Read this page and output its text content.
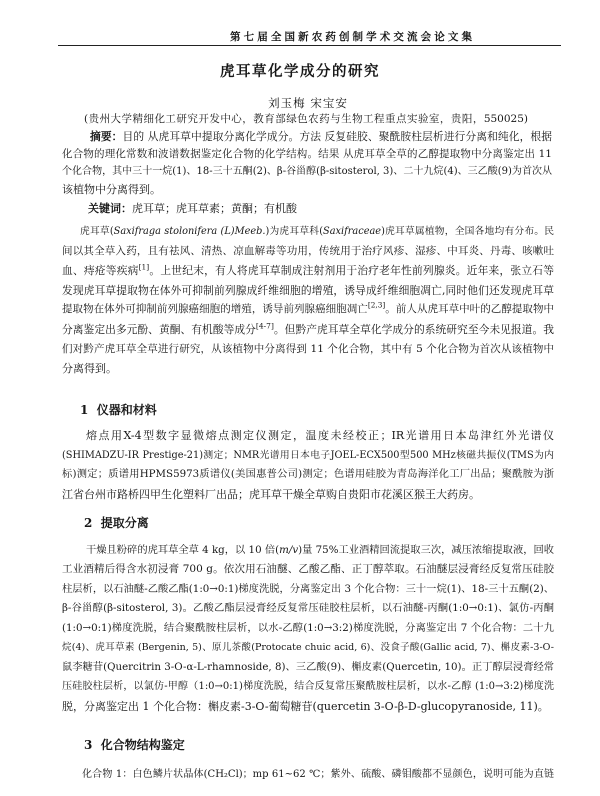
第七届全国新农药创制学术交流会论文集
虎耳草化学成分的研究
刘玉梅 宋宝安
(贵州大学精细化工研究开发中心，教育部绿色农药与生物工程重点实验室，贵阳，550025)
摘要：目的 从虎耳草中提取分离化学成分。方法 反复硅胶、聚酰胺柱层析进行分离和纯化，根据
化合物的理化常数和波谱数据鉴定化合物的化学结构。结果 从虎耳草全草的乙醇提取物中分离鉴定出 11
个化合物，其中三十一烷(1)、18-三十五酮(2)、β-谷甾醇(β-sitosterol, 3)、二十九烷(4)、三乙酸(9)为首次从
该植物中分离得到。
关键词：虎耳草；虎耳草素；黄酮；有机酸
虎耳草(Saxifraga stolonifera (L)Meeb.)为虎耳草科(Saxifraceae)虎耳草属植物，全国各地均有分布。民
间以其全草入药，且有祛风、清热、凉血解毒等功用，传统用于治疗风疹、湿疹、中耳炎、丹毒、咳嗽吐
血、痔疮等疾病[1]。上世纪末，有人将虎耳草制成注射剂用于治疗老年性前列腺炎。近年来，张立石等
发现虎耳草提取物在体外可抑制前列腺成纤维细胞的增殖，诱导成纤维细胞凋亡,同时他们还发现虎耳草
提取物在体外可抑制前列腺癌细胞的增殖，诱导前列腺癌细胞凋亡[2,3]。前人从虎耳草中叶的乙醇提取物中
分离鉴定出多元酚、黄酮、有机酸等成分[4-7]。但黔产虎耳草全草化学成分的系统研究至今未见报道。我
们对黔产虎耳草全草进行研究，从该植物中分离得到 11 个化合物，其中有 5 个化合物为首次从该植物中
分离得到。
1  仪器和材料
熔点用X-4型数字显微熔点测定仪测定，温度未经校正；IR光谱用日本岛津红外光谱仪
(SHIMADZU-IR Prestige-21)测定；NMR光谱用日本电子JOEL-ECX500型500 MHz核磁共振仪(TMS为内
标)测定；质谱用HPMS5973质谱仪(美国惠普公司)测定；色谱用硅胶为青岛海洋化工厂出品；聚酰胺为浙
江省台州市路桥四甲生化塑料厂出品；虎耳草干燥全草购自贵阳市花溪区猴王大药房。
2  提取分离
干燥且粉碎的虎耳草全草 4 kg，以 10 倍(m/v)量 75%工业酒精回流提取三次，减压浓缩提取液，回收
工业酒精后得含水初浸膏 700 g。依次用石油醚、乙酸乙酯、正丁醇萃取。石油醚层浸膏经反复常压硅胶
柱层析，以石油醚-乙酸乙酯(1:0→0:1)梯度洗脱，分离鉴定出 3 个化合物：三十一烷(1)、18-三十五酮(2)、
β-谷甾醇(β-sitosterol, 3)。乙酸乙酯层浸膏经反复常压硅胶柱层析，以石油醚-丙酮(1:0→0:1)、氯仿-丙酮
(1:0→0:1)梯度洗脱，结合聚酰胺柱层析，以水-乙醇(1:0→3:2)梯度洗脱，分离鉴定出 7 个化合物：二十九
烷(4)、虎耳草素 (Bergenin, 5)、原儿茶酸(Protocate chuic acid, 6)、没食子酸(Gallic acid, 7)、槲皮素-3-O-
鼠李糖苷(Quercitrin 3-O-α-L-rhamnoside, 8)、三乙酸(9)、槲皮素(Quercetin, 10)。正丁醇层浸膏经常
压硅胶柱层析，以氯仿-甲醇（1:0→0:1)梯度洗脱，结合反复常压聚酰胺柱层析，以水-乙醇 (1:0→3:2)梯度洗
脱，分离鉴定出 1 个化合物：槲皮素-3-O-葡萄糖苷(quercetin 3-O-β-D-glucopyranoside, 11)。
3  化合物结构鉴定
化合物 1：白色鳞片状晶体(CH₂Cl)；mp 61~62 ℃；紫外、硫酸、磷钼酸都不显颜色，说明可能为直链
